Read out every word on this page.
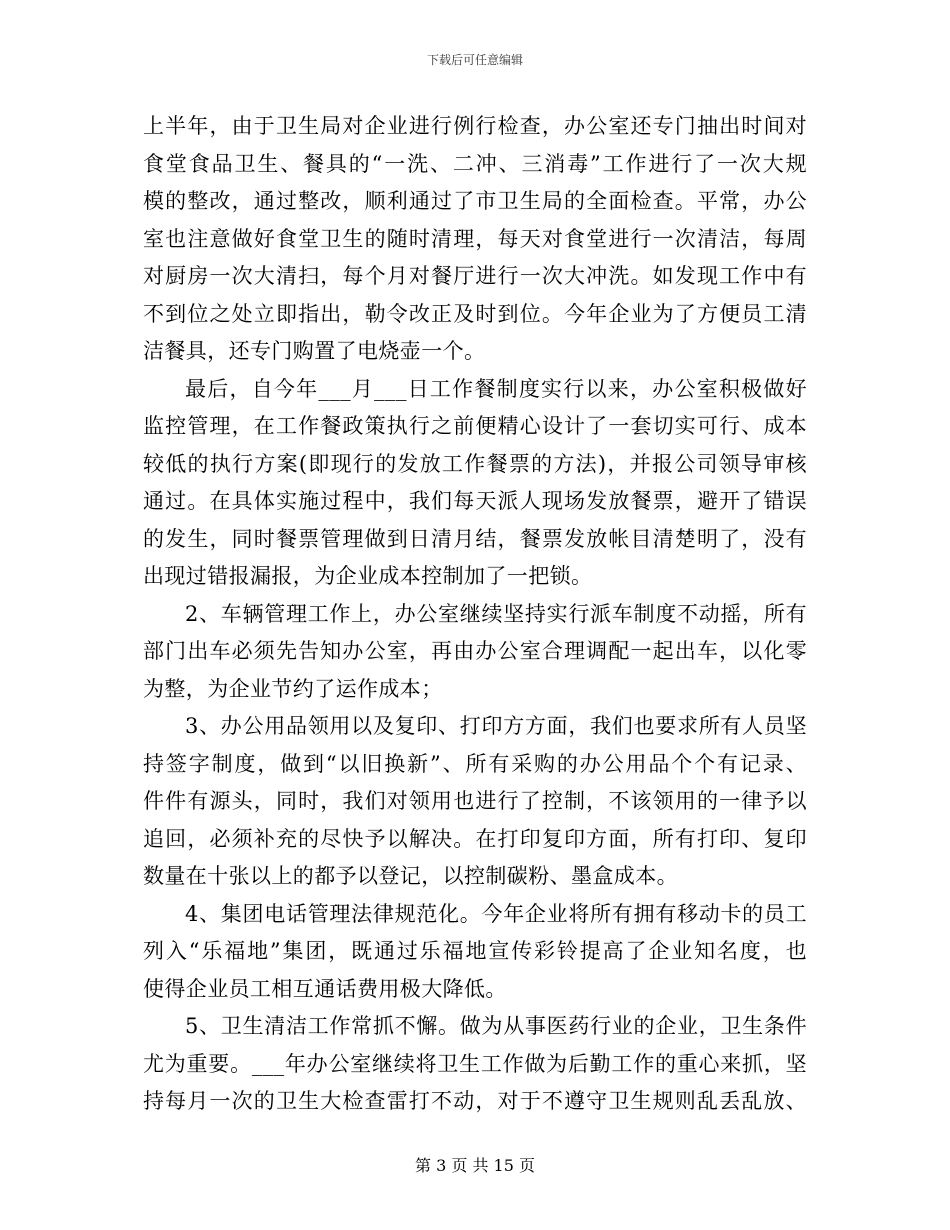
下载后可任意编辑
上半年，由于卫生局对企业进行例行检查，办公室还专门抽出时间对
食堂食品卫生、餐具的“一洗、二冲、三消毒”工作进行了一次大规
模的整改，通过整改，顺利通过了市卫生局的全面检查。平常，办公
室也注意做好食堂卫生的随时清理，每天对食堂进行一次清洁，每周
对厨房一次大清扫，每个月对餐厅进行一次大冲洗。如发现工作中有
不到位之处立即指出，勒令改正及时到位。今年企业为了方便员工清
洁餐具，还专门购置了电烧壶一个。
最后，自今年___月___日工作餐制度实行以来，办公室积极做好
监控管理，在工作餐政策执行之前便精心设计了一套切实可行、成本
较低的执行方案(即现行的发放工作餐票的方法)，并报公司领导审核
通过。在具体实施过程中，我们每天派人现场发放餐票，避开了错误
的发生，同时餐票管理做到日清月结，餐票发放帐目清楚明了，没有
出现过错报漏报，为企业成本控制加了一把锁。
2、车辆管理工作上，办公室继续坚持实行派车制度不动摇，所有
部门出车必须先告知办公室，再由办公室合理调配一起出车，以化零
为整，为企业节约了运作成本；
3、办公用品领用以及复印、打印方方面，我们也要求所有人员坚
持签字制度，做到“以旧换新”、所有采购的办公用品个个有记录、
件件有源头，同时，我们对领用也进行了控制，不该领用的一律予以
追回，必须补充的尽快予以解决。在打印复印方面，所有打印、复印
数量在十张以上的都予以登记，以控制碳粉、墨盒成本。
4、集团电话管理法律规范化。今年企业将所有拥有移动卡的员工
列入“乐福地”集团，既通过乐福地宣传彩铃提高了企业知名度，也
使得企业员工相互通话费用极大降低。
5、卫生清洁工作常抓不懈。做为从事医药行业的企业，卫生条件
尤为重要。___年办公室继续将卫生工作做为后勤工作的重心来抓，坚
持每月一次的卫生大检查雷打不动，对于不遵守卫生规则乱丢乱放、
第 3 页 共 15 页
